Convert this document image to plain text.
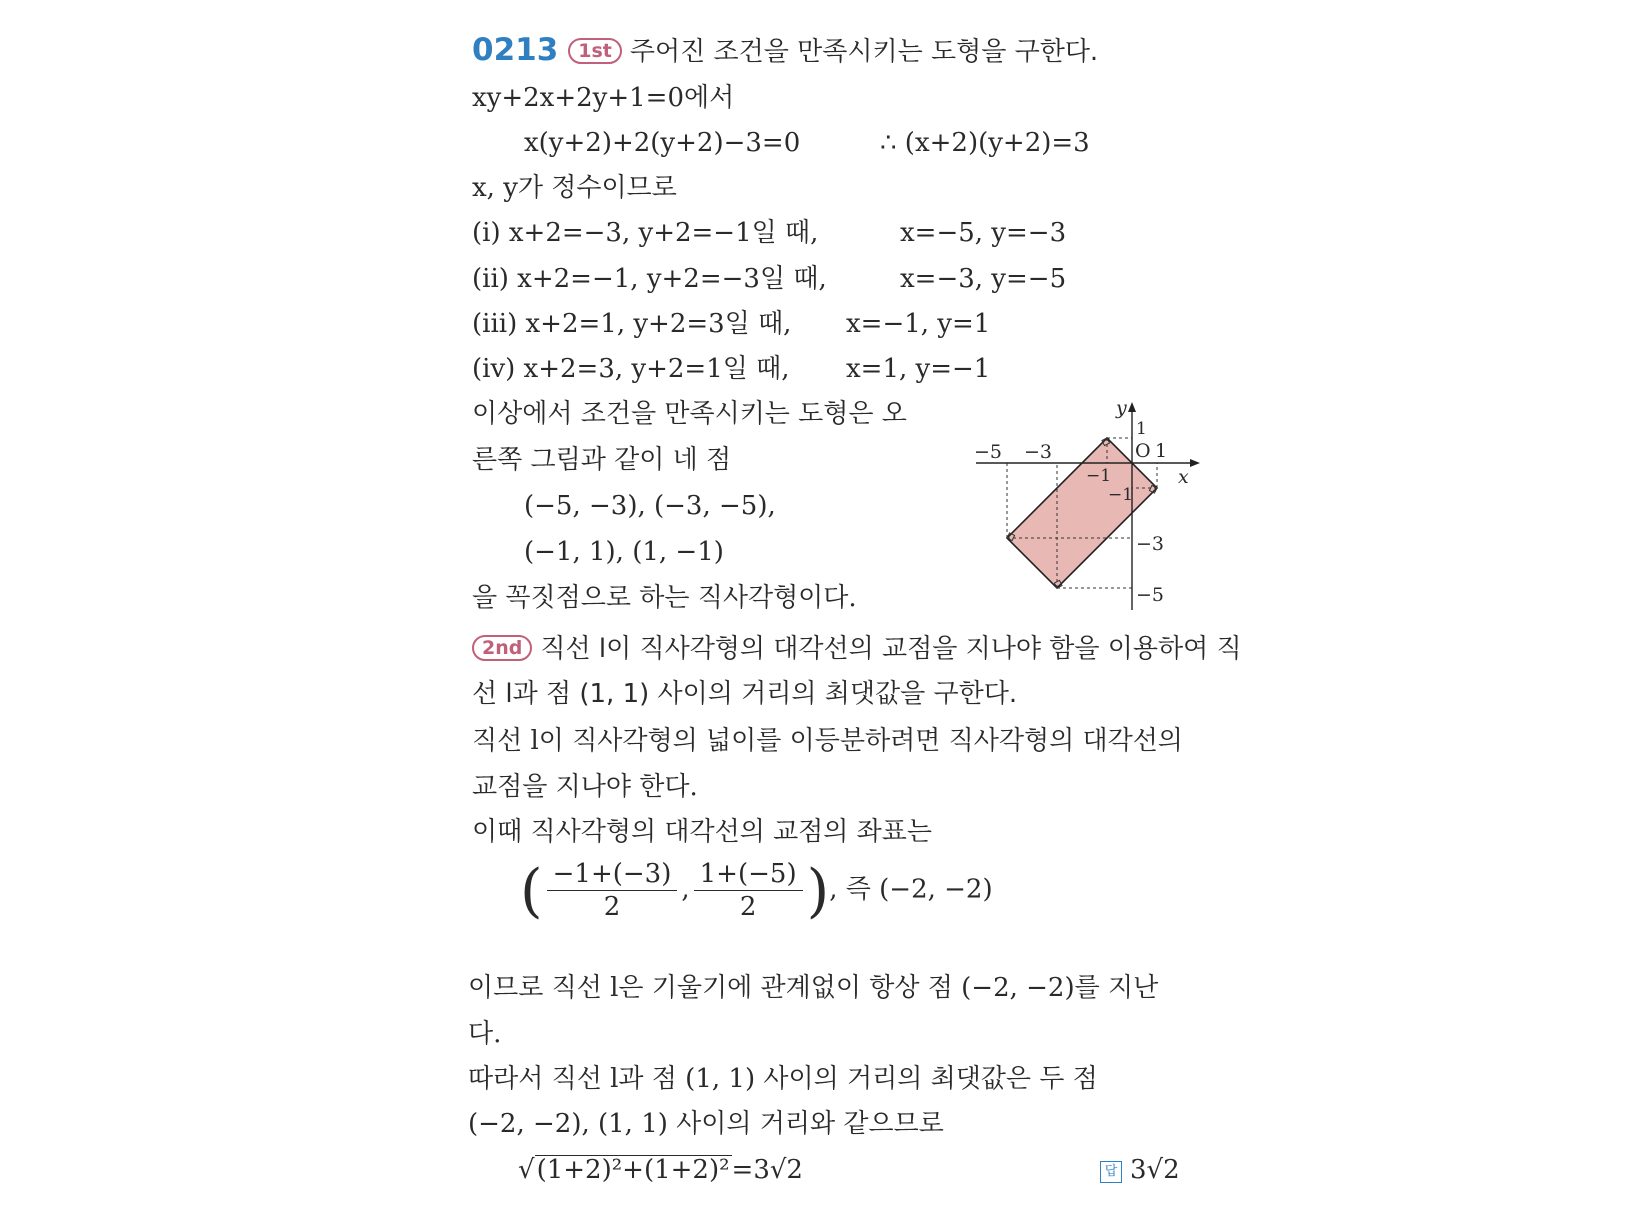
0213 1st 주어진 조건을 만족시키는 도형을 구한다.
xy+2x+2y+1=0에서
x(y+2)+2(y+2)−3=0	∴ (x+2)(y+2)=3
x, y가 정수이므로
(i) x+2=−3, y+2=−1일 때,	x=−5, y=−3
(ii) x+2=−1, y+2=−3일 때,	x=−3, y=−5
(iii) x+2=1, y+2=3일 때, x=−1, y=1
(iv) x+2=3, y+2=1일 때, x=1, y=−1
이상에서 조건을 만족시키는 도형은 오
른쪽 그림과 같이 네 점
(−5, −3), (−3, −5),
(−1, 1), (1, −1)
을 꼭짓점으로 하는 직사각형이다.
x
y
O
−5 −3	1
1
−1
−1
−3
−5
2nd 직선 l이 직사각형의 대각선의 교점을 지나야 함을 이용하여 직
선 l과 점 (1, 1) 사이의 거리의 최댓값을 구한다.
직선 l이 직사각형의 넓이를 이등분하려면 직사각형의 대각선의
교점을 지나야 한다.
이때 직사각형의 대각선의 교점의 좌표는
( $\frac{-1+(-3)}{2}$ , $\frac{1+(-5)}{2}$ ), 즉 (−2, −2)
이므로 직선 l은 기울기에 관계없이 항상 점 (−2, −2)를 지난
다.
따라서 직선 l과 점 (1, 1) 사이의 거리의 최댓값은 두 점
(−2, −2), (1, 1) 사이의 거리와 같으므로
√(1+2)²+(1+2)²=3√2	답 3√2
